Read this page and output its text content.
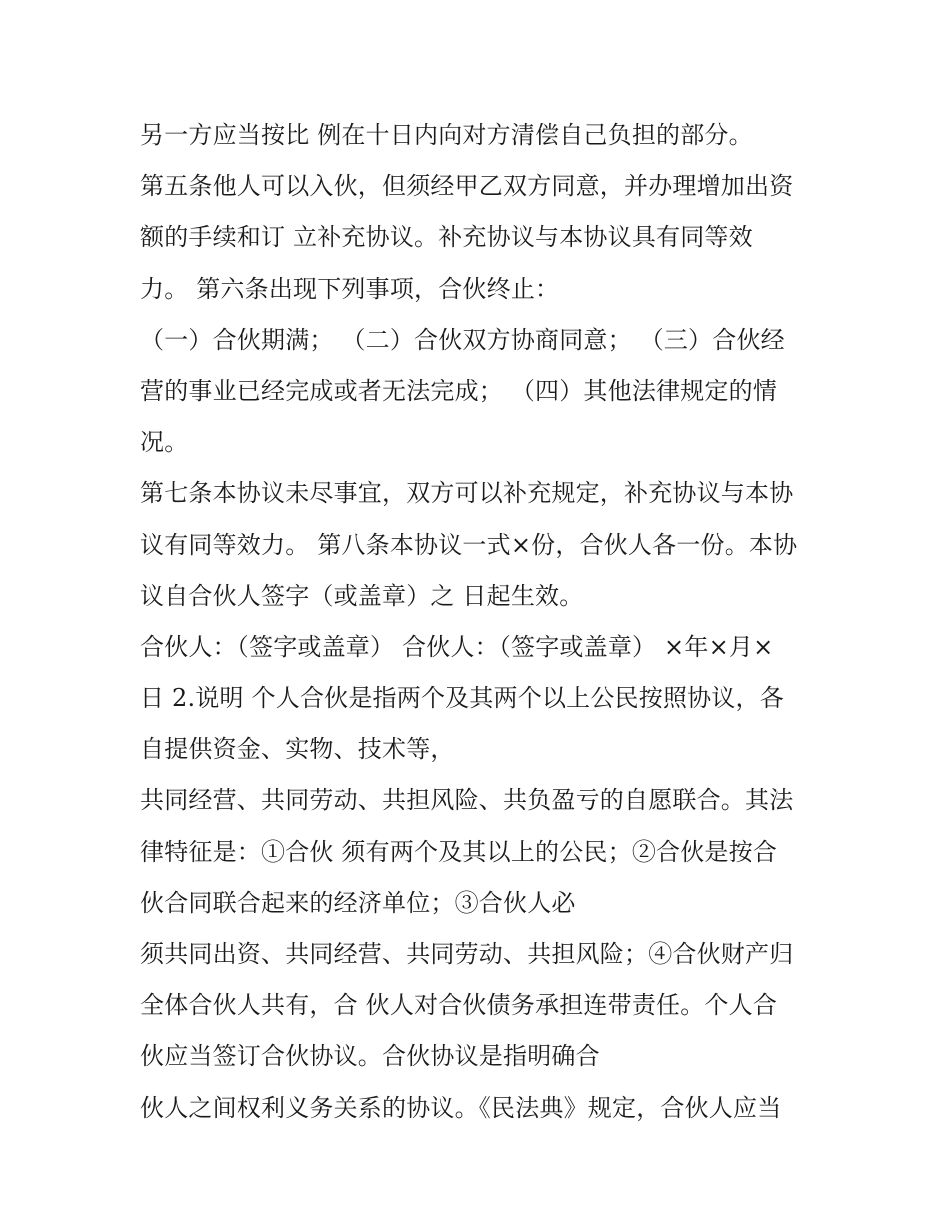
另一方应当按比 例在十日内向对方清偿自己负担的部分。
第五条他人可以入伙，但须经甲乙双方同意，并办理增加出资
额的手续和订 立补充协议。补充协议与本协议具有同等效
力。 第六条出现下列事项，合伙终止：
（一）合伙期满； （二）合伙双方协商同意； （三）合伙经
营的事业已经完成或者无法完成； （四）其他法律规定的情
况。
第七条本协议未尽事宜，双方可以补充规定，补充协议与本协
议有同等效力。 第八条本协议一式×份，合伙人各一份。本协
议自合伙人签字（或盖章）之 日起生效。
合伙人：（签字或盖章） 合伙人：（签字或盖章） ×年×月×
日 2.说明 个人合伙是指两个及其两个以上公民按照协议，各
自提供资金、实物、技术等，
共同经营、共同劳动、共担风险、共负盈亏的自愿联合。其法
律特征是：①合伙 须有两个及其以上的公民；②合伙是按合
伙合同联合起来的经济单位；③合伙人必
须共同出资、共同经营、共同劳动、共担风险；④合伙财产归
全体合伙人共有，合 伙人对合伙债务承担连带责任。个人合
伙应当签订合伙协议。合伙协议是指明确合
伙人之间权利义务关系的协议。《民法典》规定，合伙人应当
